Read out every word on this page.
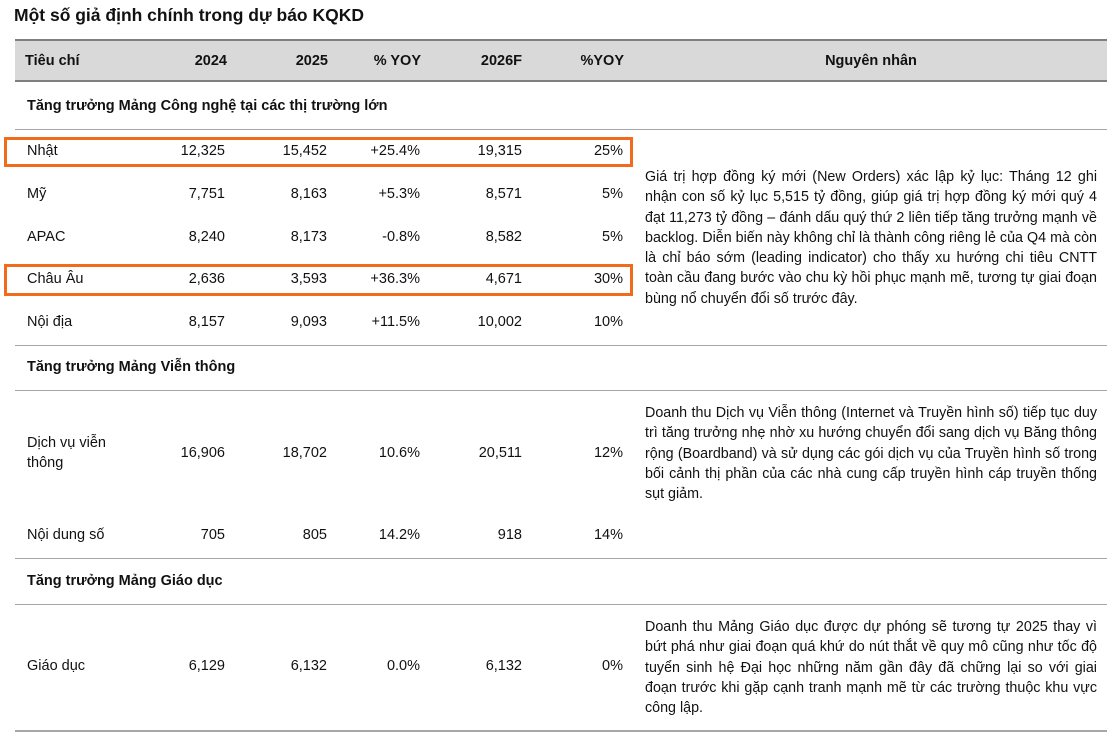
Một số giả định chính trong dự báo KQKD
Tiêu chí	2024	2025	% YOY	2026F	%YOY	Nguyên nhân
Tăng trưởng Mảng Công nghệ tại các thị trường lớn
Nhật	12,325	15,452	+25.4%	19,315	25%
Mỹ	7,751	8,163	+5.3%	8,571	5%
APAC	8,240	8,173	-0.8%	8,582	5%
Châu Âu	2,636	3,593	+36.3%	4,671	30%
Nội địa	8,157	9,093	+11.5%	10,002	10%
Giá trị hợp đồng ký mới (New Orders) xác lập kỷ lục: Tháng 12 ghi nhận con số kỷ lục 5,515 tỷ đồng, giúp giá trị hợp đồng ký mới quý 4 đạt 11,273 tỷ đồng – đánh dấu quý thứ 2 liên tiếp tăng trưởng mạnh về backlog. Diễn biến này không chỉ là thành công riêng lẻ của Q4 mà còn là chỉ báo sớm (leading indicator) cho thấy xu hướng chi tiêu CNTT toàn cầu đang bước vào chu kỳ hồi phục mạnh mẽ, tương tự giai đoạn bùng nổ chuyển đổi số trước đây.
Tăng trưởng Mảng Viễn thông
Dịch vụ viễn
thông
16,906	18,702	10.6%	20,511	12%
Doanh thu Dịch vụ Viễn thông (Internet và Truyền hình số) tiếp tục duy trì tăng trưởng nhẹ nhờ xu hướng chuyển đổi sang dịch vụ Băng thông rộng (Boardband) và sử dụng các gói dịch vụ của Truyền hình số trong bối cảnh thị phần của các nhà cung cấp truyền hình cáp truyền thống sụt giảm.
Nội dung số	705	805	14.2%	918	14%
Tăng trưởng Mảng Giáo dục
Giáo dục	6,129	6,132	0.0%	6,132	0%
Doanh thu Mảng Giáo dục được dự phóng sẽ tương tự 2025 thay vì bứt phá như giai đoạn quá khứ do nút thắt về quy mô cũng như tốc độ tuyển sinh hệ Đại học những năm gần đây đã chững lại so với giai đoạn trước khi gặp cạnh tranh mạnh mẽ từ các trường thuộc khu vực công lập.
